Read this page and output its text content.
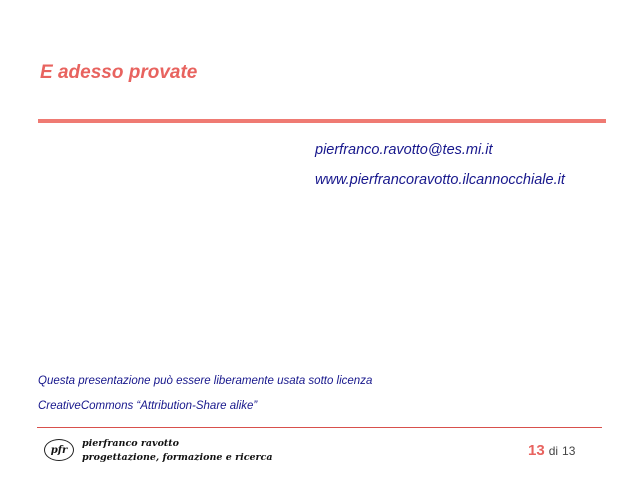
E adesso provate
pierfranco.ravotto@tes.mi.it
www.pierfrancoravotto.ilcannocchiale.it
Questa presentazione può essere liberamente usata sotto licenza
CreativeCommons “Attribution-Share alike”
pfr
pierfranco ravotto
progettazione, formazione e ricerca	13 di 13
